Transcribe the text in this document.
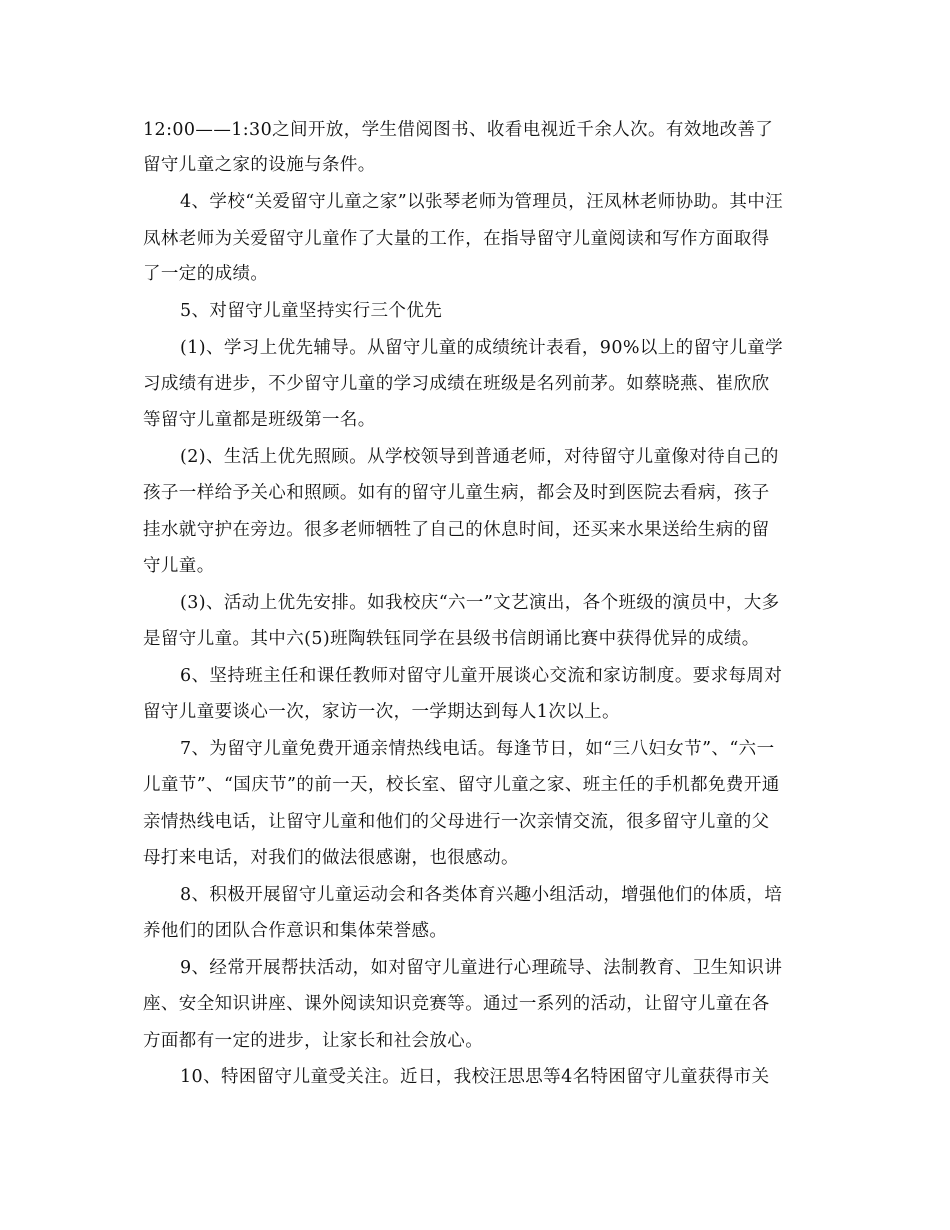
12:00——1:30之间开放，学生借阅图书、收看电视近千余人次。有效地改善了
留守儿童之家的设施与条件。
4、学校“关爱留守儿童之家”以张琴老师为管理员，汪凤林老师协助。其中汪
凤林老师为关爱留守儿童作了大量的工作，在指导留守儿童阅读和写作方面取得
了一定的成绩。
5、对留守儿童坚持实行三个优先
(1)、学习上优先辅导。从留守儿童的成绩统计表看，90%以上的留守儿童学
习成绩有进步，不少留守儿童的学习成绩在班级是名列前茅。如蔡晓燕、崔欣欣
等留守儿童都是班级第一名。
(2)、生活上优先照顾。从学校领导到普通老师，对待留守儿童像对待自己的
孩子一样给予关心和照顾。如有的留守儿童生病，都会及时到医院去看病，孩子
挂水就守护在旁边。很多老师牺牲了自己的休息时间，还买来水果送给生病的留
守儿童。
(3)、活动上优先安排。如我校庆“六一”文艺演出，各个班级的演员中，大多
是留守儿童。其中六(5)班陶轶钰同学在县级书信朗诵比赛中获得优异的成绩。
6、坚持班主任和课任教师对留守儿童开展谈心交流和家访制度。要求每周对
留守儿童要谈心一次，家访一次，一学期达到每人1次以上。
7、为留守儿童免费开通亲情热线电话。每逢节日，如“三八妇女节”、“六一
儿童节”、“国庆节”的前一天，校长室、留守儿童之家、班主任的手机都免费开通
亲情热线电话，让留守儿童和他们的父母进行一次亲情交流，很多留守儿童的父
母打来电话，对我们的做法很感谢，也很感动。
8、积极开展留守儿童运动会和各类体育兴趣小组活动，增强他们的体质，培
养他们的团队合作意识和集体荣誉感。
9、经常开展帮扶活动，如对留守儿童进行心理疏导、法制教育、卫生知识讲
座、安全知识讲座、课外阅读知识竞赛等。通过一系列的活动，让留守儿童在各
方面都有一定的进步，让家长和社会放心。
10、特困留守儿童受关注。近日，我校汪思思等4名特困留守儿童获得市关
